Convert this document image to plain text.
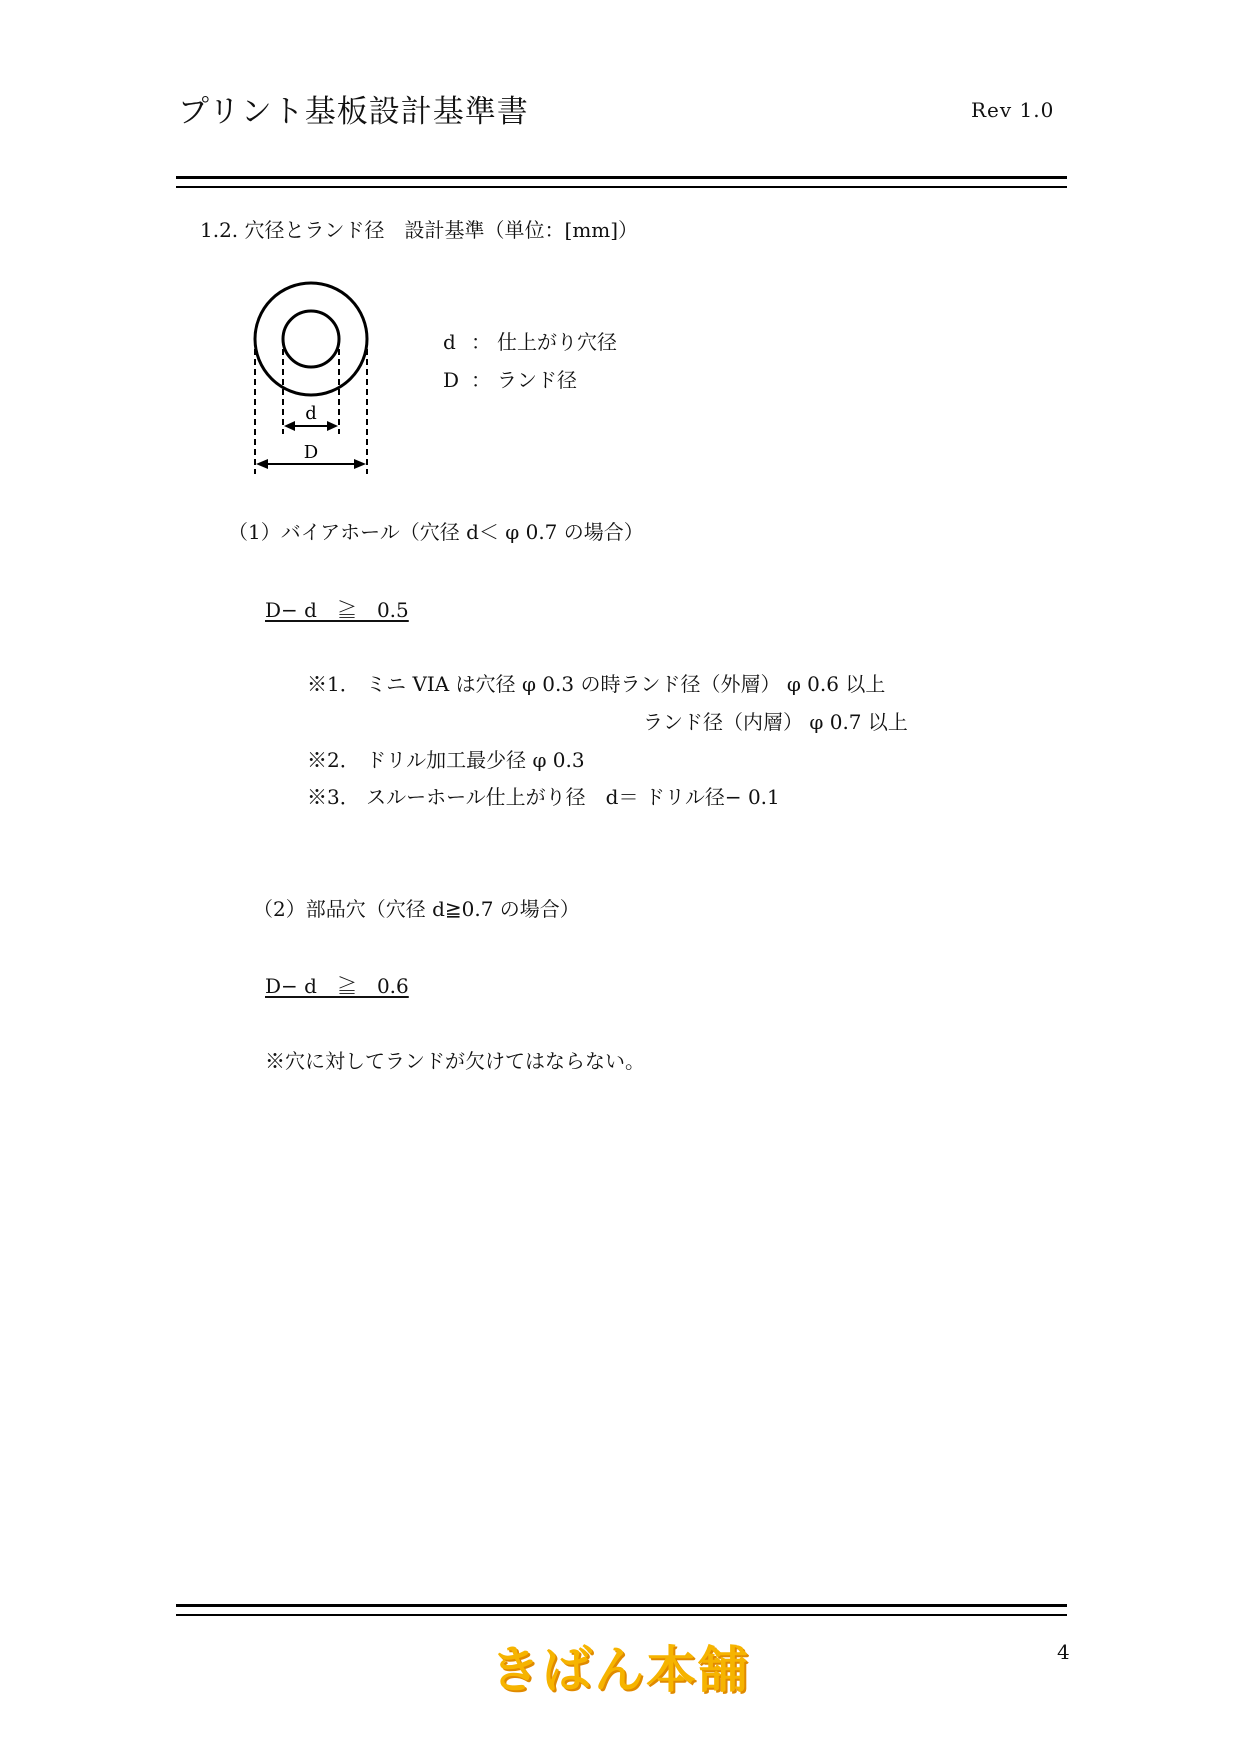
プリント基板設計基準書	Rev 1.0
1.2. 穴径とランド径　設計基準（単位：[mm]）
d
D
d ： 仕上がり穴径
D ： ランド径
（1）バイアホール（穴径 d＜ φ 0.7 の場合）
D− d　≧　0.5
※1． ミニ VIA は穴径 φ 0.3 の時ランド径（外層） φ 0.6 以上
ランド径（内層） φ 0.7 以上
※2． ドリル加工最少径 φ 0.3
※3． スルーホール仕上がり径　d＝ ドリル径− 0.1
（2）部品穴（穴径 d≧0.7 の場合）
D− d　≧　0.6
※穴に対してランドが欠けてはならない。
きばん本舗	4
